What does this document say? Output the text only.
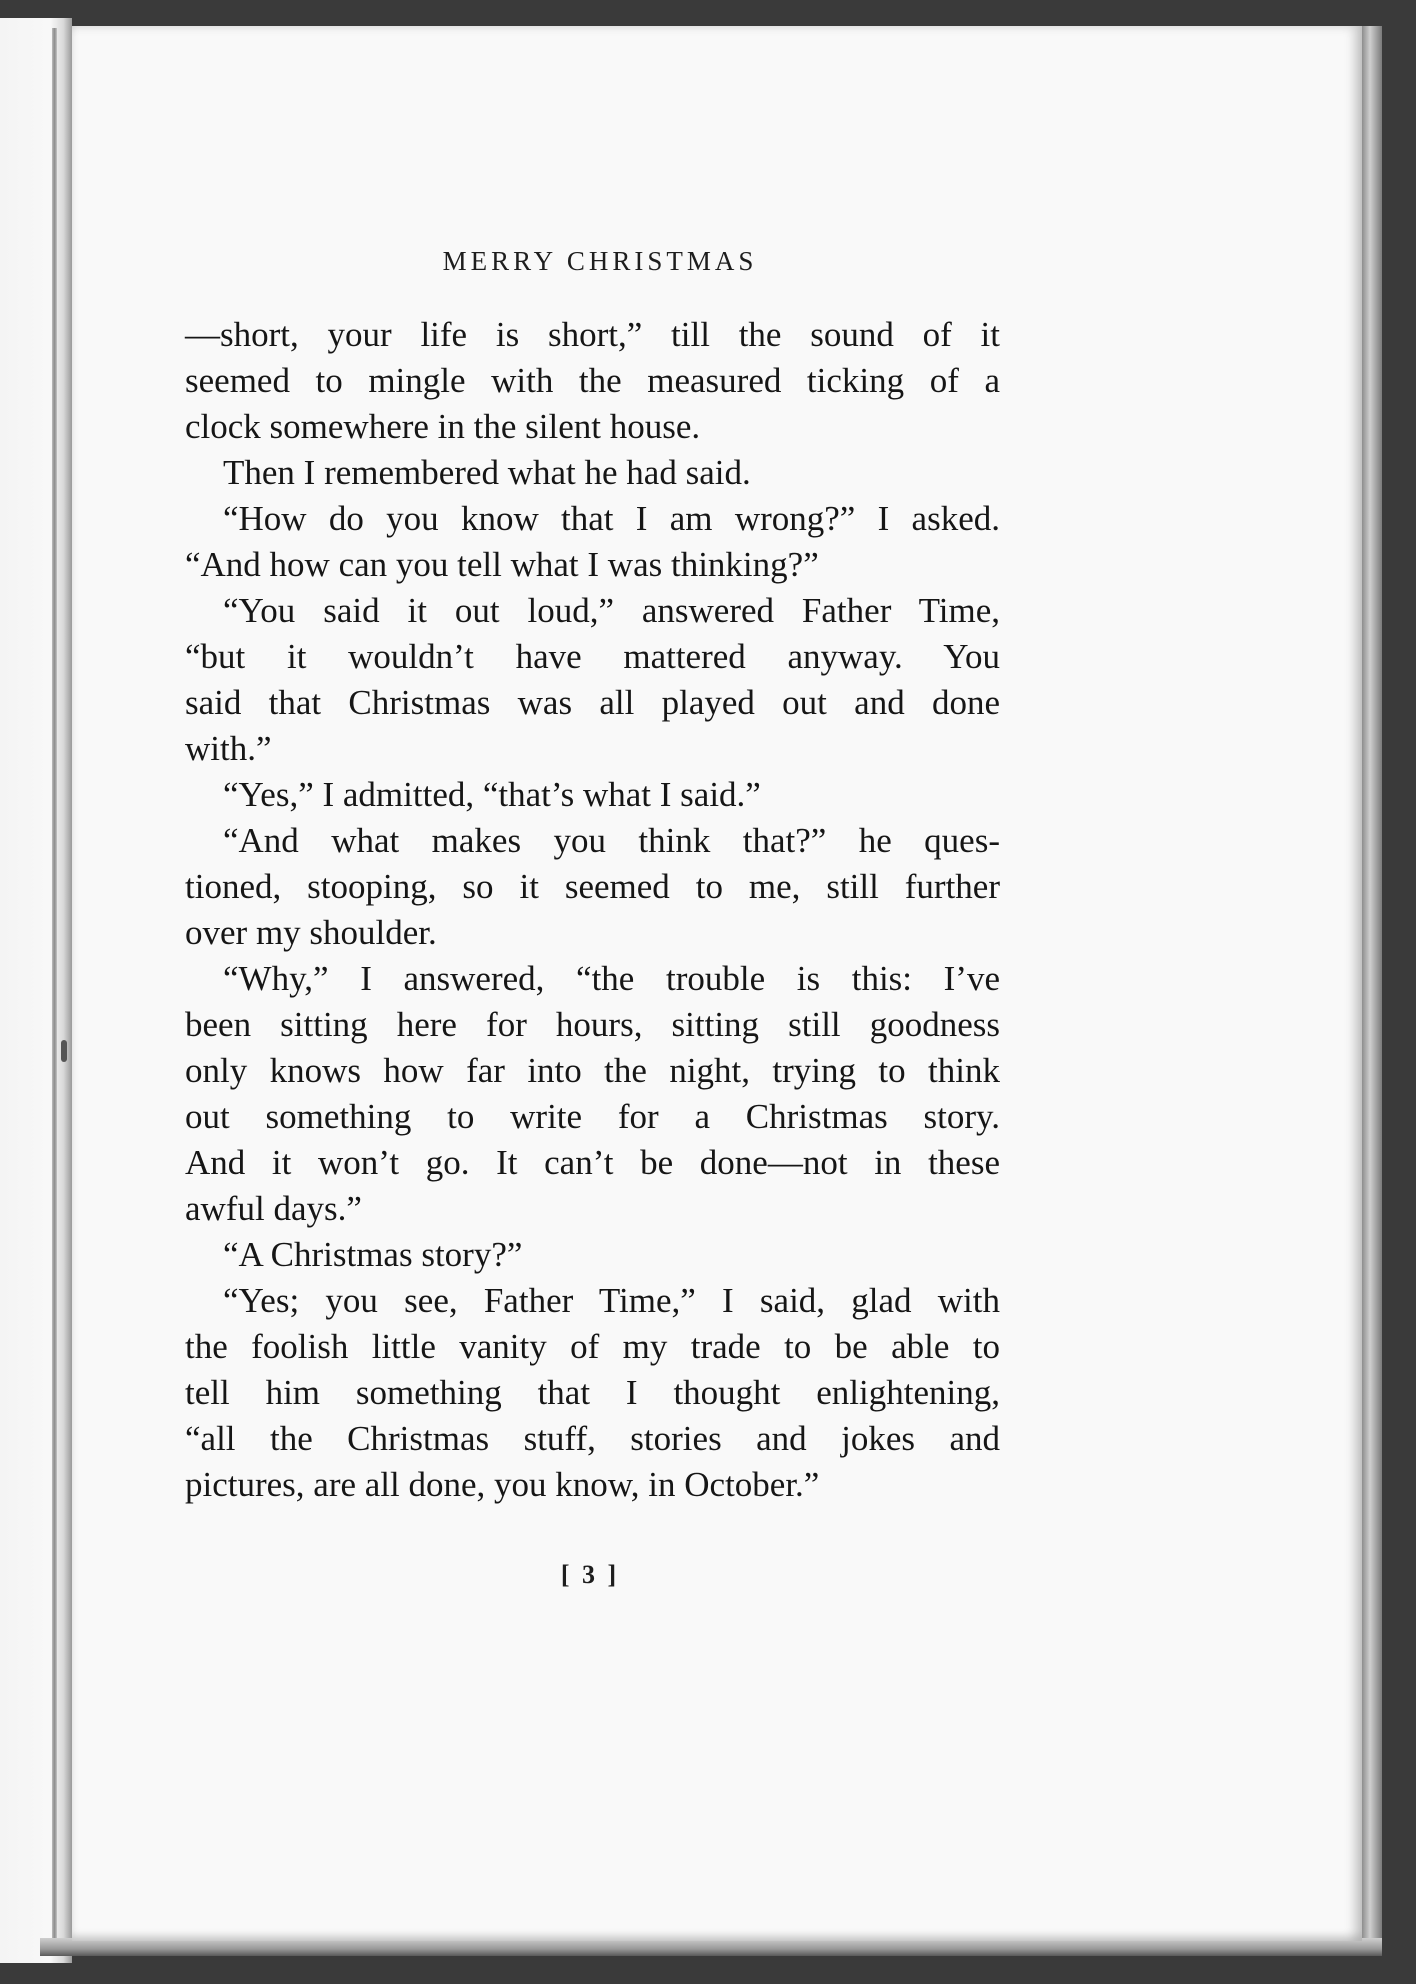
MERRY CHRISTMAS
—short, your life is short,” till the sound of it
seemed to mingle with the measured ticking of a
clock somewhere in the silent house.
Then I remembered what he had said.
“How do you know that I am wrong?” I asked.
“And how can you tell what I was thinking?”
“You said it out loud,” answered Father Time,
“but it wouldn’t have mattered anyway. You
said that Christmas was all played out and done
with.”
“Yes,” I admitted, “that’s what I said.”
“And what makes you think that?” he ques-
tioned, stooping, so it seemed to me, still further
over my shoulder.
“Why,” I answered, “the trouble is this: I’ve
been sitting here for hours, sitting still goodness
only knows how far into the night, trying to think
out something to write for a Christmas story.
And it won’t go. It can’t be done—not in these
awful days.”
“A Christmas story?”
“Yes; you see, Father Time,” I said, glad with
the foolish little vanity of my trade to be able to
tell him something that I thought enlightening,
“all the Christmas stuff, stories and jokes and
pictures, are all done, you know, in October.”
[ 3 ]
